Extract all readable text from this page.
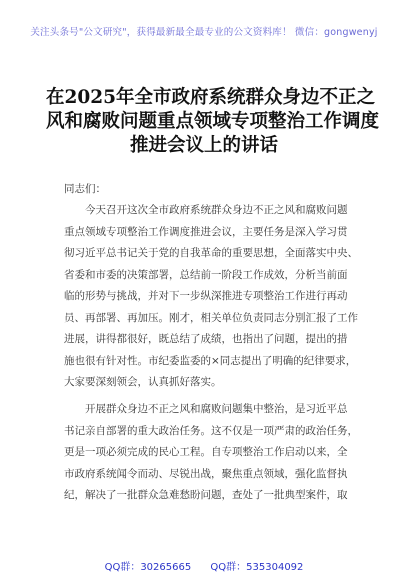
关注头条号"公文研究"，获得最新最全最专业的公文资料库！ 微信：gongwenyj
在2025年全市政府系统群众身边不正之
风和腐败问题重点领域专项整治工作调度
推进会议上的讲话
同志们：
今天召开这次全市政府系统群众身边不正之风和腐败问题
重点领域专项整治工作调度推进会议，主要任务是深入学习贯
彻习近平总书记关于党的自我革命的重要思想，全面落实中央、
省委和市委的决策部署，总结前一阶段工作成效，分析当前面
临的形势与挑战，并对下一步纵深推进专项整治工作进行再动
员、再部署、再加压。刚才，相关单位负责同志分别汇报了工作
进展，讲得都很好，既总结了成绩，也指出了问题，提出的措
施也很有针对性。市纪委监委的×同志提出了明确的纪律要求，
大家要深刻领会，认真抓好落实。
开展群众身边不正之风和腐败问题集中整治，是习近平总
书记亲自部署的重大政治任务。这不仅是一项严肃的政治任务，
更是一项必须完成的民心工程。自专项整治工作启动以来，全
市政府系统闻令而动、尽锐出战，聚焦重点领域，强化监督执
纪，解决了一批群众急难愁盼问题，查处了一批典型案件，取
QQ群：30265665 QQ群：535304092
